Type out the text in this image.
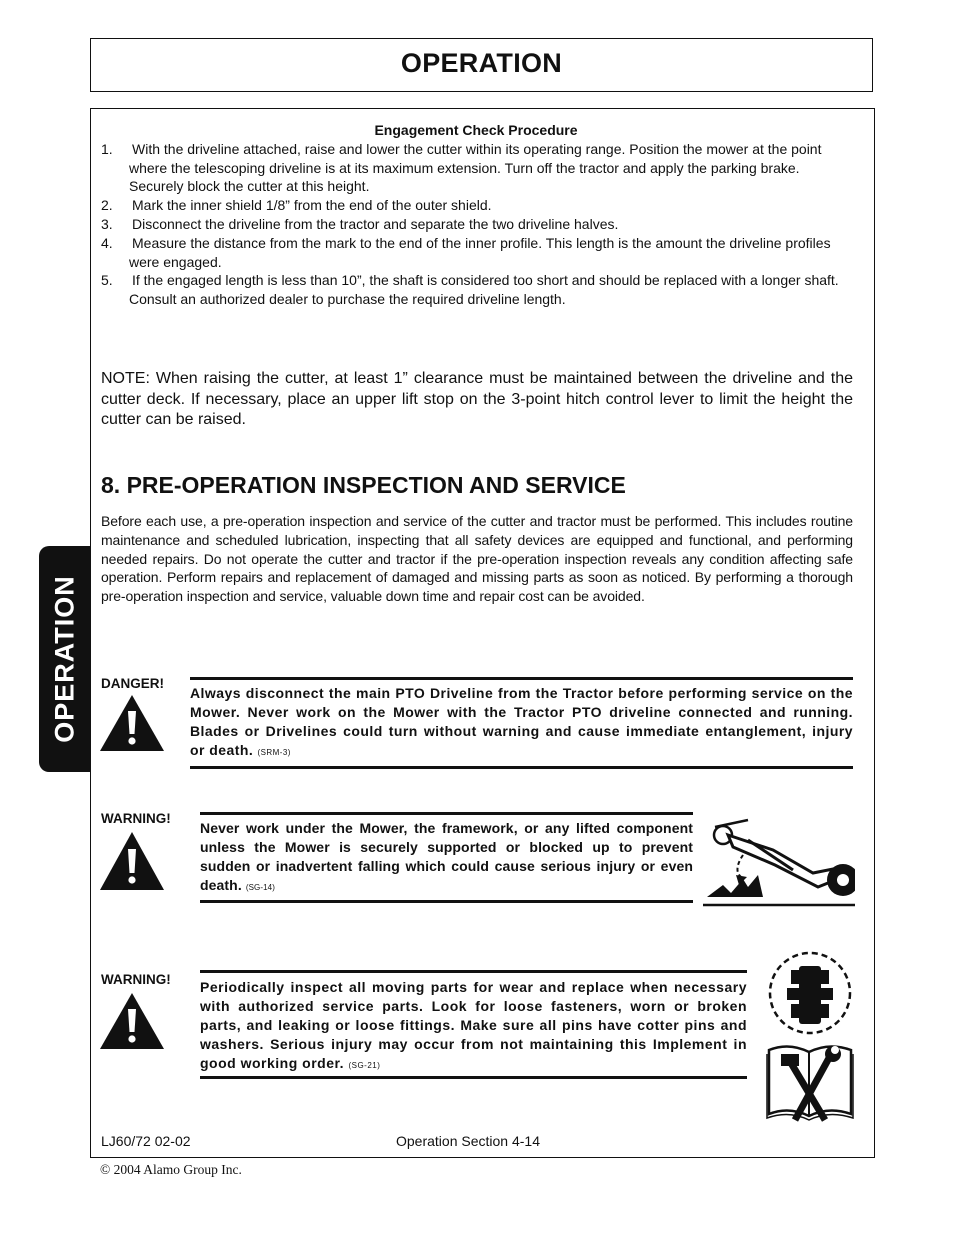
OPERATION
OPERATION
Engagement Check Procedure
1.	With the driveline attached, raise and lower the cutter within its operating range. Position the mower at the point where the telescoping driveline is at its maximum extension. Turn off the tractor and apply the parking brake. Securely block the cutter at this height.
2.	Mark the inner shield 1/8” from the end of the outer shield.
3.	Disconnect the driveline from the tractor and separate the two driveline halves.
4.	Measure the distance from the mark to the end of the inner profile. This length is the amount the driveline profiles were engaged.
5.	If the engaged length is less than 10”, the shaft is considered too short and should be replaced with a longer shaft. Consult an authorized dealer to purchase the required driveline length.
NOTE: When raising the cutter, at least 1” clearance must be maintained between the driveline and the cutter deck. If necessary, place an upper lift stop on the 3-point hitch control lever to limit the height the cutter can be raised.
8. PRE-OPERATION INSPECTION AND SERVICE
Before each use, a pre-operation inspection and service of the cutter and tractor must be performed. This includes routine maintenance and scheduled lubrication, inspecting that all safety devices are equipped and functional, and performing needed repairs. Do not operate the cutter and tractor if the pre-operation inspection reveals any condition affecting safe operation. Perform repairs and replacement of damaged and missing parts as soon as noticed. By performing a thorough pre-operation inspection and service, valuable down time and repair cost can be avoided.
DANGER!
Always disconnect the main PTO Driveline from the Tractor before performing service on the Mower. Never work on the Mower with the Tractor PTO driveline connected and running. Blades or Drivelines could turn without warning and cause immediate entanglement, injury or death. (SRM-3)
WARNING!
Never work under the Mower, the framework, or any lifted component unless the Mower is securely supported or blocked up to prevent sudden or inadvertent falling which could cause serious injury or even death. (SG-14)
WARNING! Periodically inspect all moving parts for wear and replace when necessary with authorized service parts. Look for loose fasteners, worn or broken parts, and leaking or loose fittings. Make sure all pins have cotter pins and washers. Serious injury may occur from not maintaining this Implement in good working order. (SG-21)
LJ60/72 02-02	Operation Section 4-14
© 2004 Alamo Group Inc.
